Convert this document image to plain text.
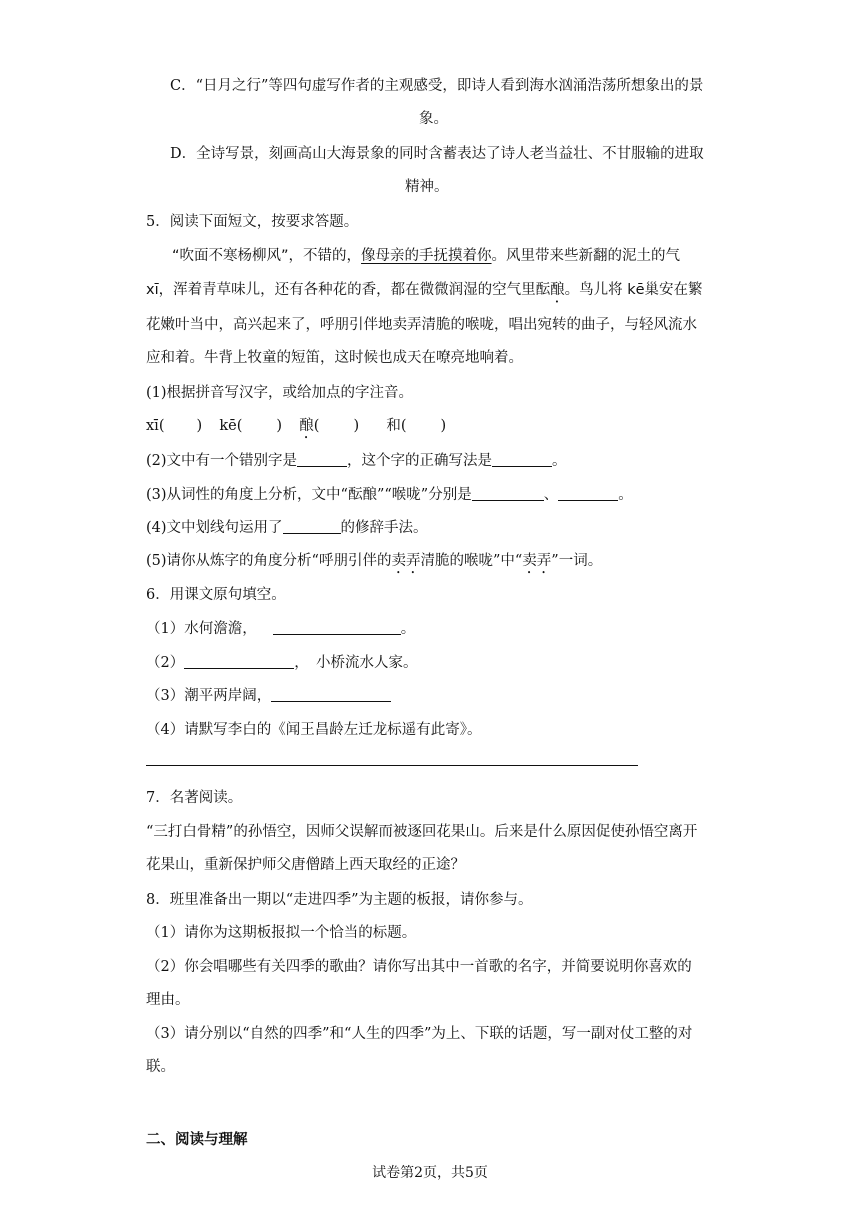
C．“日月之行”等四句虚写作者的主观感受，即诗人看到海水汹涌浩荡所想象出的景
象。
D．全诗写景，刻画高山大海景象的同时含蓄表达了诗人老当益壮、不甘服输的进取
精神。
5．阅读下面短文，按要求答题。
“吹面不寒杨柳风”，不错的，像母亲的手抚摸着你。风里带来些新翻的泥土的气
xī，浑着青草味儿，还有各种花的香，都在微微润湿的空气里酝酿。鸟儿将 kē巢安在繁
花嫩叶当中，高兴起来了，呼朋引伴地卖弄清脆的喉咙，唱出宛转的曲子，与轻风流水
应和着。牛背上牧童的短笛，这时候也成天在嘹亮地响着。
(1)根据拼音写汉字，或给加点的字注音。
xī( ) kē( ) 酿( ) 和( )
(2)文中有一个错别字是	，这个字的正确写法是	。
(3)从词性的角度上分析，文中“酝酿”“喉咙”分别是	、	。
(4)文中划线句运用了	的修辞手法。
(5)请你从炼字的角度分析“呼朋引伴的卖弄清脆的喉咙”中“卖弄”一词。
6．用课文原句填空。
（1）水何澹澹，	。
（2）	，　小桥流水人家。
（3）潮平两岸阔，
（4）请默写李白的《闻王昌龄左迁龙标遥有此寄》。
7．名著阅读。
“三打白骨精”的孙悟空，因师父误解而被逐回花果山。后来是什么原因促使孙悟空离开
花果山，重新保护师父唐僧踏上西天取经的正途？
8．班里准备出一期以“走进四季”为主题的板报，请你参与。
（1）请你为这期板报拟一个恰当的标题。
（2）你会唱哪些有关四季的歌曲？请你写出其中一首歌的名字，并简要说明你喜欢的
理由。
（3）请分别以“自然的四季”和“人生的四季”为上、下联的话题，写一副对仗工整的对
联。
二、阅读与理解
试卷第2页，共5页
